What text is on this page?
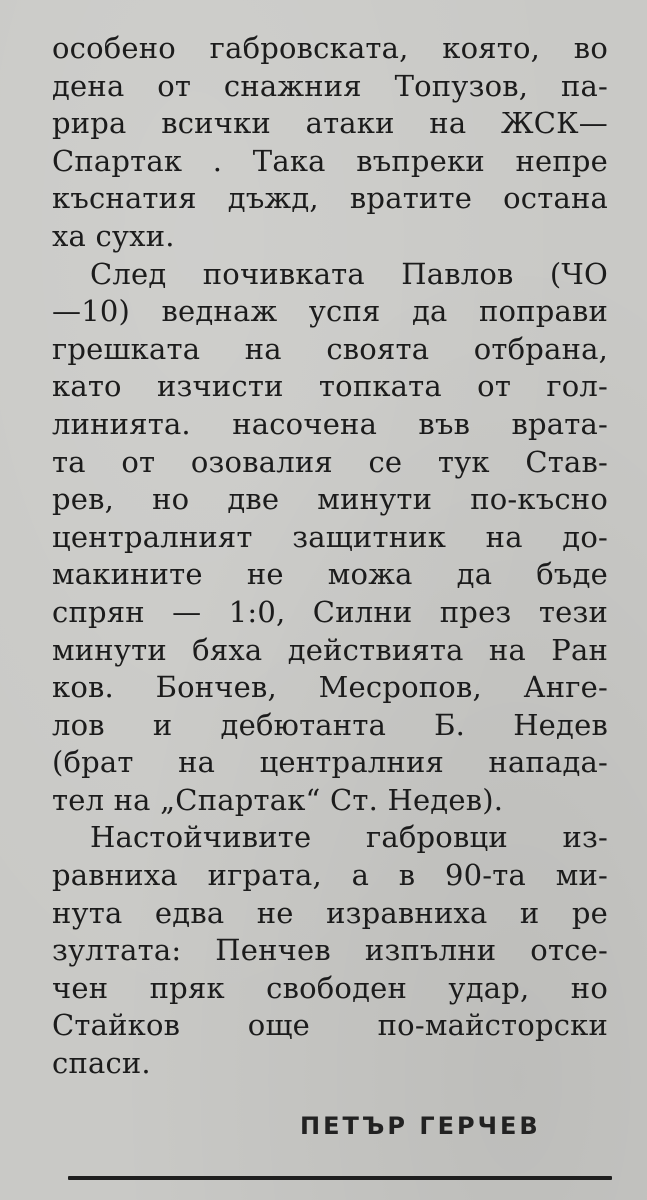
особено габровската, която, во
дена от снажния Топузов, па-
рира всички атаки на ЖСК—
Спартак . Така въпреки непре
къснатия дъжд, вратите остана
ха сухи.
След почивката Павлов (ЧО
—10) веднаж успя да поправи
грешката на своята отбрана,
като изчисти топката от гол-
линията. насочена във врата-
та от озовалия се тук Став-
рев, но две минути по-късно
централният защитник на до-
макините не можа да бъде
спрян — 1:0, Силни през тези
минути бяха действията на Ран
ков. Бончев, Месропов, Анге-
лов и дебютанта Б. Недев
(брат на централния напада-
тел на „Спартак“ Ст. Недев).
Настойчивите габровци из-
равниха играта, а в 90-та ми-
нута едва не изравниха и ре
зултата: Пенчев изпълни отсе-
чен пряк свободен удар, но
Стайков още по-майсторски
спаси.
ПЕТЪР ГЕРЧЕВ
